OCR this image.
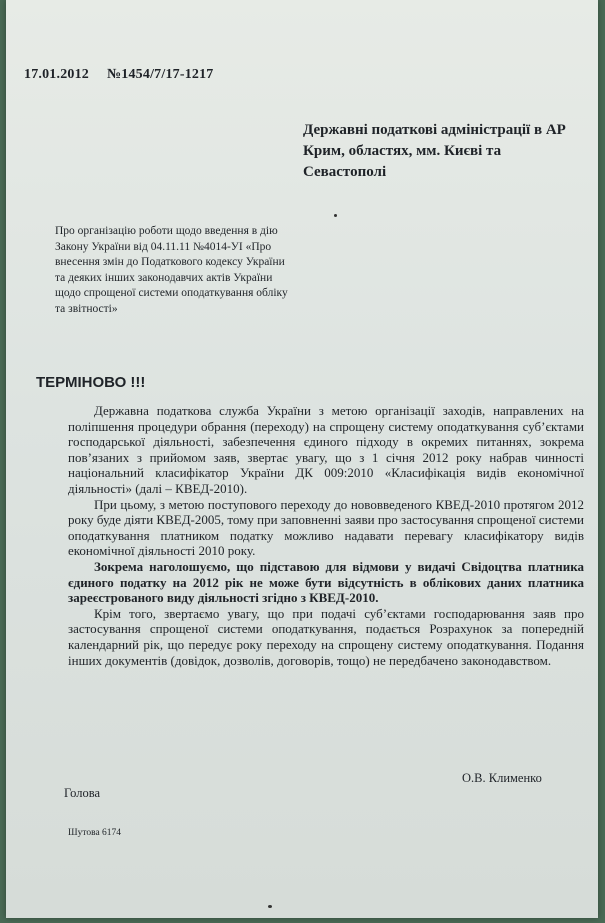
17.01.2012 №1454/7/17-1217
Державні податкові адміністрації в АР Крим, областях, мм. Києві та Севастополі
Про організацію роботи щодо введення в дію Закону України від 04.11.11 №4014-УІ «Про внесення змін до Податкового кодексу України та деяких інших законодавчих актів України щодо спрощеної системи оподаткування обліку та звітності»
ТЕРМІНОВО !!!

Державна податкова служба України з метою організації заходів, направлених на поліпшення процедури обрання (переходу) на спрощену систему оподаткування суб’єктами господарської діяльності, забезпечення єдиного підходу в окремих питаннях, зокрема пов’язаних з прийомом заяв, звертає увагу, що з 1 січня 2012 року набрав чинності національний класифікатор України ДК 009:2010 «Класифікація видів економічної діяльності» (далі – КВЕД-2010).

При цьому, з метою поступового переходу до нововведеного КВЕД-2010 протягом 2012 року буде діяти КВЕД-2005, тому при заповненні заяви про застосування спрощеної системи оподаткування платником податку можливо надавати перевагу класифікатору видів економічної діяльності 2010 року.

Зокрема наголошуємо, що підставою для відмови у видачі Свідоцтва платника єдиного податку на 2012 рік не може бути відсутність в облікових даних платника зареєстрованого виду діяльності згідно з КВЕД-2010.

Крім того, звертаємо увагу, що при подачі суб’єктами господарювання заяв про застосування спрощеної системи оподаткування, подається Розрахунок за попередній календарний рік, що передує року переходу на спрощену систему оподаткування. Подання інших документів (довідок, дозволів, договорів, тощо) не передбачено законодавством.

О.В. Клименко
Голова
Шутова 6174
